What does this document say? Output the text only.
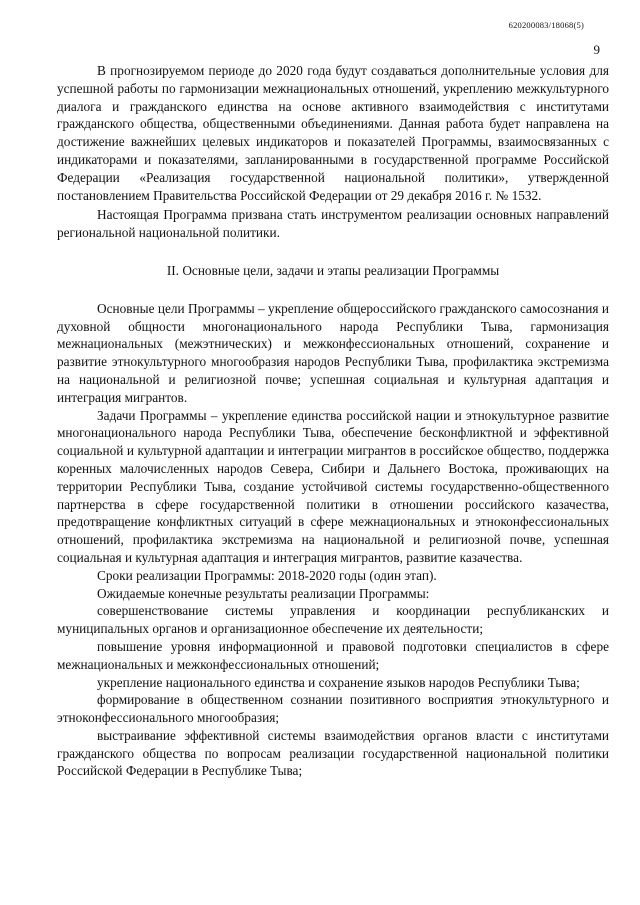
620200083/18068(5)
9

В прогнозируемом периоде до 2020 года будут создаваться дополнительные условия для успешной работы по гармонизации межнациональных отношений, укреплению межкультурного диалога и гражданского единства на основе активного взаимодействия с институтами гражданского общества, общественными объединениями. Данная работа будет направлена на достижение важнейших целевых индикаторов и показателей Программы, взаимосвязанных с индикаторами и показателями, запланированными в государственной программе Российской Федерации «Реализация государственной национальной политики», утвержденной постановлением Правительства Российской Федерации от 29 декабря 2016 г. № 1532.

Настоящая Программа призвана стать инструментом реализации основных направлений региональной национальной политики.

II. Основные цели, задачи и этапы реализации Программы

Основные цели Программы – укрепление общероссийского гражданского самосознания и духовной общности многонационального народа Республики Тыва, гармонизация межнациональных (межэтнических) и межконфессиональных отношений, сохранение и развитие этнокультурного многообразия народов Республики Тыва, профилактика экстремизма на национальной и религиозной почве; успешная социальная и культурная адаптация и интеграция мигрантов.

Задачи Программы – укрепление единства российской нации и этнокультурное развитие многонационального народа Республики Тыва, обеспечение бесконфликтной и эффективной социальной и культурной адаптации и интеграции мигрантов в российское общество, поддержка коренных малочисленных народов Севера, Сибири и Дальнего Востока, проживающих на территории Республики Тыва, создание устойчивой системы государственно-общественного партнерства в сфере государственной политики в отношении российского казачества, предотвращение конфликтных ситуаций в сфере межнациональных и этноконфессиональных отношений, профилактика экстремизма на национальной и религиозной почве, успешная социальная и культурная адаптация и интеграция мигрантов, развитие казачества.

Сроки реализации Программы: 2018-2020 годы (один этап).

Ожидаемые конечные результаты реализации Программы:

совершенствование системы управления и координации республиканских и муниципальных органов и организационное обеспечение их деятельности;

повышение уровня информационной и правовой подготовки специалистов в сфере межнациональных и межконфессиональных отношений;

укрепление национального единства и сохранение языков народов Республики Тыва;

формирование в общественном сознании позитивного восприятия этнокультурного и этноконфессионального многообразия;

выстраивание эффективной системы взаимодействия органов власти с институтами гражданского общества по вопросам реализации государственной национальной политики Российской Федерации в Республике Тыва;
